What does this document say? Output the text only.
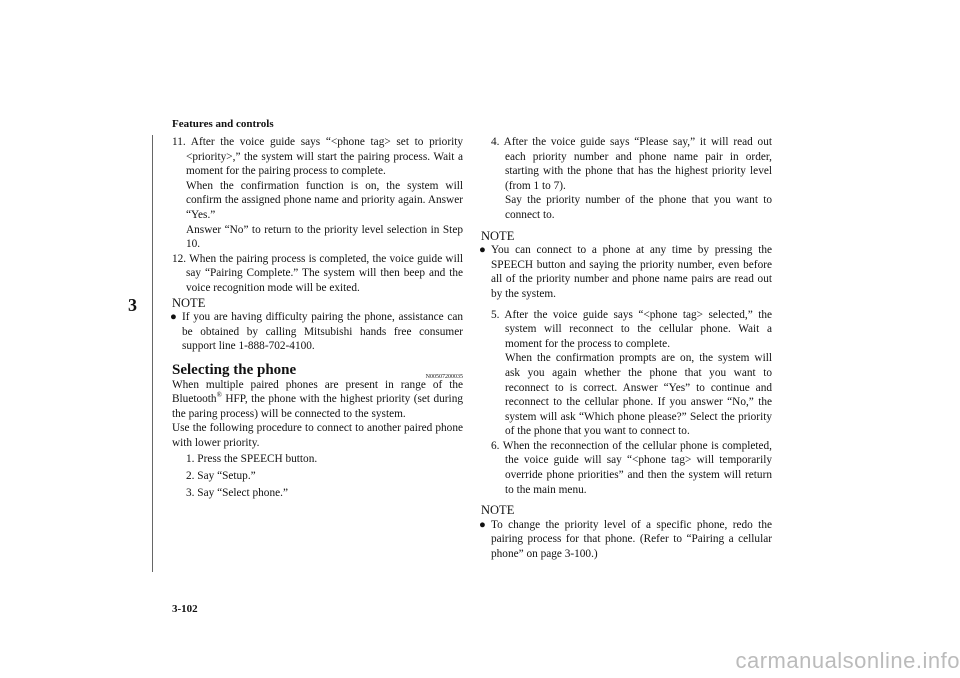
Features and controls
3

11. After the voice guide says “<phone tag> set to priority <priority>,” the system will start the pairing process. Wait a moment for the pairing process to complete.

When the confirmation function is on, the system will confirm the assigned phone name and priority again. Answer “Yes.”

Answer “No” to return to the priority level selection in Step 10.

12. When the pairing process is completed, the voice guide will say “Pairing Complete.” The system will then beep and the voice recognition mode will be exited.

NOTE

● If you are having difficulty pairing the phone, assistance can be obtained by calling Mitsubishi hands free consumer support line 1-888-702-4100.

Selecting the phone	N00507200035

When multiple paired phones are present in range of the Bluetooth® HFP, the phone with the highest priority (set during the paring process) will be connected to the system.

Use the following procedure to connect to another paired phone with lower priority.

1. Press the SPEECH button.

2. Say “Setup.”

3. Say “Select phone.”

4. After the voice guide says “Please say,” it will read out each priority number and phone name pair in order, starting with the phone that has the highest priority level (from 1 to 7).

Say the priority number of the phone that you want to connect to.

NOTE

● You can connect to a phone at any time by pressing the SPEECH button and saying the priority number, even before all of the priority number and phone name pairs are read out by the system.

5. After the voice guide says “<phone tag> selected,” the system will reconnect to the cellular phone. Wait a moment for the process to complete.

When the confirmation prompts are on, the system will ask you again whether the phone that you want to reconnect to is correct. Answer “Yes” to continue and reconnect to the cellular phone. If you answer “No,” the system will ask “Which phone please?” Select the priority of the phone that you want to connect to.

6. When the reconnection of the cellular phone is completed, the voice guide will say “<phone tag> will temporarily override phone priorities” and then the system will return to the main menu.

NOTE

● To change the priority level of a specific phone, redo the pairing process for that phone. (Refer to “Pairing a cellular phone” on page 3-100.)

3-102
carmanualsonline.info
